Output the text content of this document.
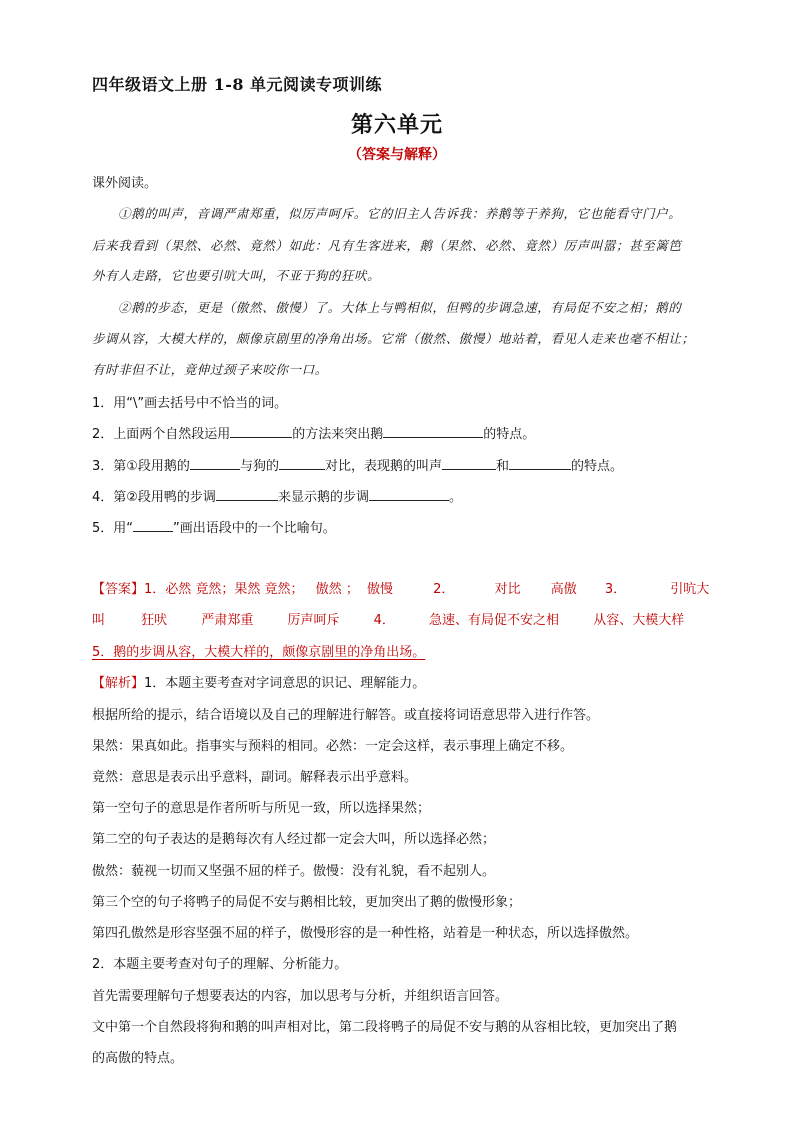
四年级语文上册 1-8 单元阅读专项训练
第六单元
（答案与解释）
课外阅读。
①鹅的叫声，音调严肃郑重，似厉声呵斥。它的旧主人告诉我：养鹅等于养狗，它也能看守门户。
后来我看到（果然、必然、竟然）如此：凡有生客进来，鹅（果然、必然、竟然）厉声叫嚣；甚至篱笆
外有人走路，它也要引吭大叫，不亚于狗的狂吠。
②鹅的步态，更是（傲然、傲慢）了。大体上与鸭相似，但鸭的步调急速，有局促不安之相；鹅的
步调从容，大模大样的，颇像京剧里的净角出场。它常（傲然、傲慢）地站着，看见人走来也毫不相让；
有时非但不让，竟伸过颈子来咬你一口。
1．用“\”画去括号中不恰当的词。
2．上面两个自然段运用	的方法来突出鹅	的特点。
3．第①段用鹅的	与狗的	对比，表现鹅的叫声	和	的特点。
4．第②段用鸭的步调	来显示鹅的步调	。
5．用“	”画出语段中的一个比喻句。
【答案】1．必然 竟然；果然 竟然； 傲然 ； 傲慢	2．	对比 高傲 3．	引吭大
叫	狂吠	严肃郑重	厉声呵斥	4．	急速、有局促不安之相	从容、大模大样
5．鹅的步调从容，大模大样的，颇像京剧里的净角出场。
【解析】1．本题主要考查对字词意思的识记、理解能力。
根据所给的提示，结合语境以及自己的理解进行解答。或直接将词语意思带入进行作答。
果然：果真如此。指事实与预料的相同。必然：一定会这样，表示事理上确定不移。
竟然：意思是表示出乎意料，副词。解释表示出乎意料。
第一空句子的意思是作者所听与所见一致，所以选择果然；
第二空的句子表达的是鹅每次有人经过都一定会大叫，所以选择必然；
傲然：藐视一切而又坚强不屈的样子。傲慢：没有礼貌，看不起别人。
第三个空的句子将鸭子的局促不安与鹅相比较，更加突出了鹅的傲慢形象；
第四孔傲然是形容坚强不屈的样子，傲慢形容的是一种性格，站着是一种状态，所以选择傲然。
2．本题主要考查对句子的理解、分析能力。
首先需要理解句子想要表达的内容，加以思考与分析，并组织语言回答。
文中第一个自然段将狗和鹅的叫声相对比，第二段将鸭子的局促不安与鹅的从容相比较，更加突出了鹅
的高傲的特点。
